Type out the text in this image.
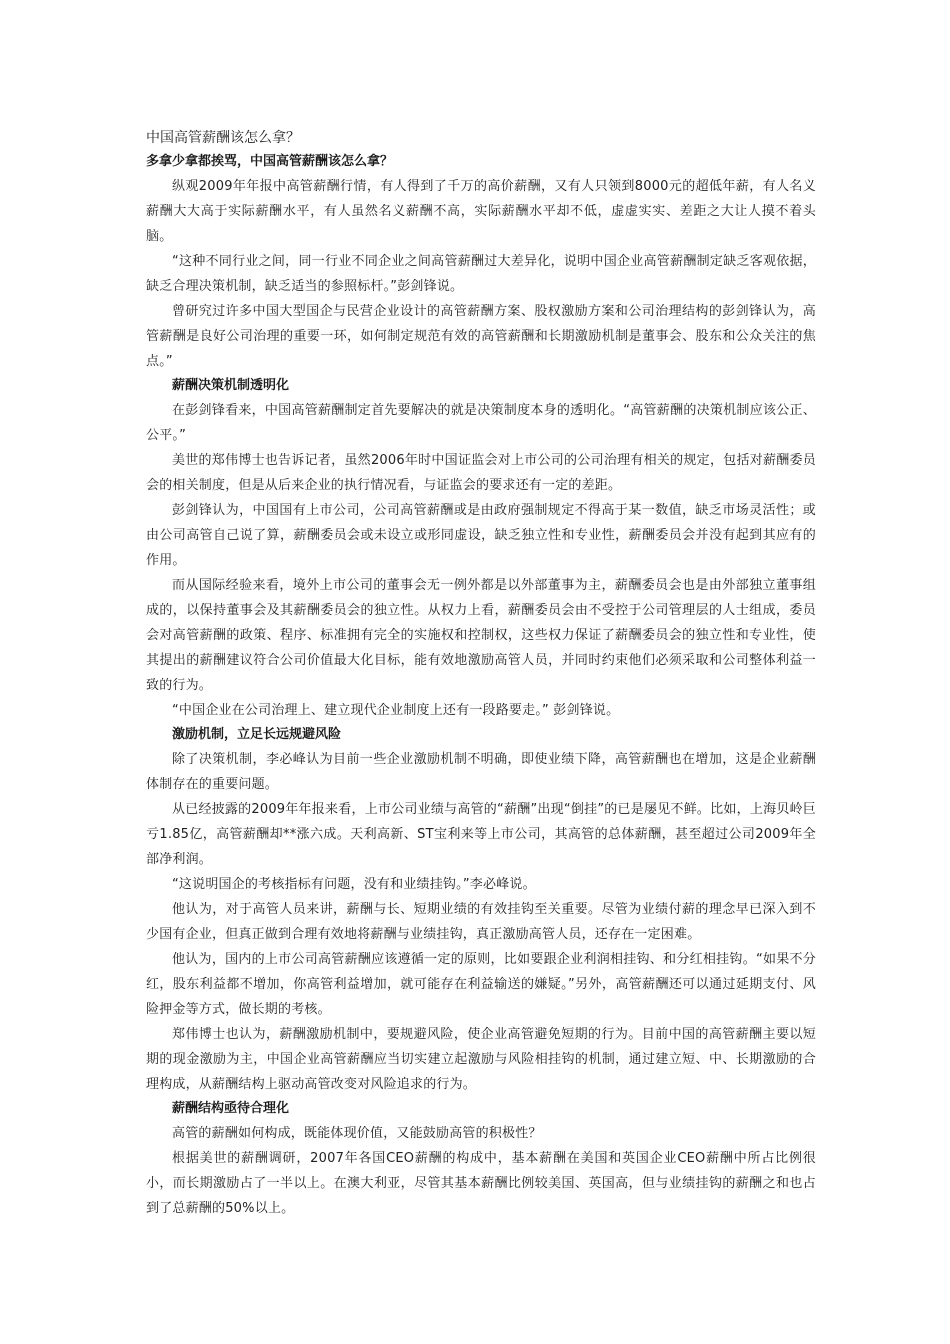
中国高管薪酬该怎么拿？

多拿少拿都挨骂，中国高管薪酬该怎么拿？

纵观2009年年报中高管薪酬行情，有人得到了千万的高价薪酬，又有人只领到8000元的超低年薪，有人名义薪酬大大高于实际薪酬水平，有人虽然名义薪酬不高，实际薪酬水平却不低，虚虚实实、差距之大让人摸不着头脑。

“这种不同行业之间，同一行业不同企业之间高管薪酬过大差异化，说明中国企业高管薪酬制定缺乏客观依据，缺乏合理决策机制，缺乏适当的参照标杆。”彭剑锋说。

曾研究过许多中国大型国企与民营企业设计的高管薪酬方案、股权激励方案和公司治理结构的彭剑锋认为，高管薪酬是良好公司治理的重要一环，如何制定规范有效的高管薪酬和长期激励机制是董事会、股东和公众关注的焦点。”

薪酬决策机制透明化

在彭剑锋看来，中国高管薪酬制定首先要解决的就是决策制度本身的透明化。“高管薪酬的决策机制应该公正、公平。”

美世的郑伟博士也告诉记者，虽然2006年时中国证监会对上市公司的公司治理有相关的规定，包括对薪酬委员会的相关制度，但是从后来企业的执行情况看，与证监会的要求还有一定的差距。

彭剑锋认为，中国国有上市公司，公司高管薪酬或是由政府强制规定不得高于某一数值，缺乏市场灵活性；或由公司高管自己说了算，薪酬委员会或未设立或形同虚设，缺乏独立性和专业性，薪酬委员会并没有起到其应有的作用。

而从国际经验来看，境外上市公司的董事会无一例外都是以外部董事为主，薪酬委员会也是由外部独立董事组成的，以保持董事会及其薪酬委员会的独立性。从权力上看，薪酬委员会由不受控于公司管理层的人士组成，委员会对高管薪酬的政策、程序、标准拥有完全的实施权和控制权，这些权力保证了薪酬委员会的独立性和专业性，使其提出的薪酬建议符合公司价值最大化目标，能有效地激励高管人员，并同时约束他们必须采取和公司整体利益一致的行为。

“中国企业在公司治理上、建立现代企业制度上还有一段路要走。” 彭剑锋说。

激励机制，立足长远规避风险

除了决策机制，李必峰认为目前一些企业激励机制不明确，即使业绩下降，高管薪酬也在增加，这是企业薪酬体制存在的重要问题。

从已经披露的2009年年报来看，上市公司业绩与高管的“薪酬”出现“倒挂”的已是屡见不鲜。比如，上海贝岭巨亏1.85亿，高管薪酬却**涨六成。天利高新、ST宝利来等上市公司，其高管的总体薪酬，甚至超过公司2009年全部净利润。

“这说明国企的考核指标有问题，没有和业绩挂钩。”李必峰说。

他认为，对于高管人员来讲，薪酬与长、短期业绩的有效挂钩至关重要。尽管为业绩付薪的理念早已深入到不少国有企业，但真正做到合理有效地将薪酬与业绩挂钩，真正激励高管人员，还存在一定困难。

他认为，国内的上市公司高管薪酬应该遵循一定的原则，比如要跟企业利润相挂钩、和分红相挂钩。“如果不分红，股东利益都不增加，你高管利益增加，就可能存在利益输送的嫌疑。”另外，高管薪酬还可以通过延期支付、风险押金等方式，做长期的考核。

郑伟博士也认为，薪酬激励机制中，要规避风险，使企业高管避免短期的行为。目前中国的高管薪酬主要以短期的现金激励为主，中国企业高管薪酬应当切实建立起激励与风险相挂钩的机制，通过建立短、中、长期激励的合理构成，从薪酬结构上驱动高管改变对风险追求的行为。

薪酬结构亟待合理化

高管的薪酬如何构成，既能体现价值，又能鼓励高管的积极性？

根据美世的薪酬调研，2007年各国CEO薪酬的构成中，基本薪酬在美国和英国企业CEO薪酬中所占比例很小，而长期激励占了一半以上。在澳大利亚，尽管其基本薪酬比例较美国、英国高，但与业绩挂钩的薪酬之和也占到了总薪酬的50%以上。
